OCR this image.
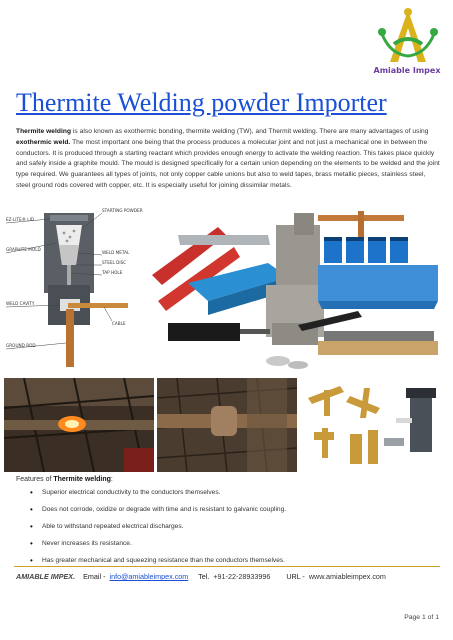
Amiable Impex
Thermite Welding powder Importer
Thermite welding is also known as exothermic bonding, thermite welding (TW), and Thermit welding. There are many advantages of using exothermic weld. The most important one being that the process produces a molecular joint and not just a mechanical one in between the conductors. It is produced through a starting reactant which provides enough energy to activate the welding reaction. This takes place quickly and safely inside a graphite mould. The mould is designed specifically for a certain union depending on the elements to be welded and the joint type required. We guarantees all types of joints, not only copper cable unions but also to weld tapes, brass metallic pieces, stainless steel, steel ground rods covered with copper, etc. It is especially useful for joining dissimilar metals.
EZ-LITE® LID
GRAPHITE MOLD
WELD CAVITY
GROUND ROD
STARTING POWDER
WELD METAL
STEEL DISC
TAP HOLE
CABLE
Features of Thermite welding:
• Superior electrical conductivity to the conductors themselves.
• Does not corrode, oxidize or degrade with time and is resistant to galvanic coupling.
• Able to withstand repeated electrical discharges.
• Never increases its resistance.
• Has greater mechanical and squeezing resistance than the conductors themselves.
AMIABLE IMPEX. Email - info@amiableimpex.com Tel. +91-22-28933996 URL - www.amiableimpex.com
Page 1 of 1
